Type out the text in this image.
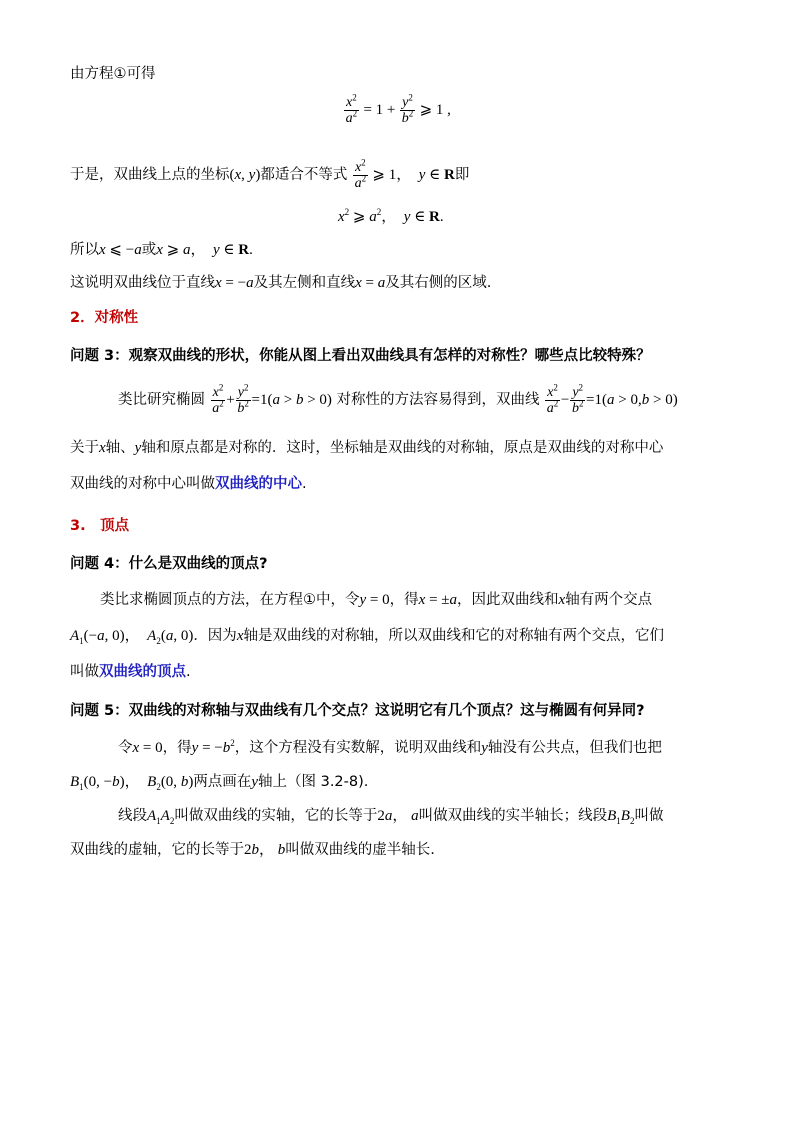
由方程①可得
$\frac{x^2}{a^2} = 1 + \frac{y^2}{b^2}$ ⩾ 1 ,
于是，双曲线上点的坐标(x, y)都适合不等式 $\frac{x^2}{a^2}$ ⩾ 1，  y ∈ R即
$x^2$ ⩾ $a^2$，  y ∈ R.
所以x ⩽ −a或x ⩾ a，  y ∈ R.
这说明双曲线位于直线x = −a及其左侧和直线x = a及其右侧的区域.
2．对称性
问题 3：观察双曲线的形状，你能从图上看出双曲线具有怎样的对称性？哪些点比较特殊？
类比研究椭圆 $\frac{x^2}{a^2} + \frac{y^2}{b^2} =1(a > b > 0)$ 对称性的方法容易得到，双曲线 $\frac{x^2}{a^2} - \frac{y^2}{b^2} =1(a > 0,b > 0)$
关于x轴、y轴和原点都是对称的．这时，坐标轴是双曲线的对称轴，原点是双曲线的对称中心
双曲线的对称中心叫做双曲线的中心.
3.　顶点
问题 4：什么是双曲线的顶点?
类比求椭圆顶点的方法，在方程①中，令y = 0，得x = ±a，因此双曲线和x轴有两个交点
$A_1(-a$, 0)，  $A_2(a$, 0)．因为x轴是双曲线的对称轴，所以双曲线和它的对称轴有两个交点，它们
叫做双曲线的顶点.
问题 5：双曲线的对称轴与双曲线有几个交点？这说明它有几个顶点？这与椭圆有何异同?
令x = 0，得$y = -b^2$，这个方程没有实数解，说明双曲线和y轴没有公共点，但我们也把
$B_1(0$, −b)，  $B_2(0$, b)两点画在y轴上（图 3.2-8).
线段$A_1A_2$叫做双曲线的实轴，它的长等于2a， a叫做双曲线的实半轴长；线段$B_1B_2$叫做
双曲线的虚轴，它的长等于2b， b叫做双曲线的虚半轴长.
